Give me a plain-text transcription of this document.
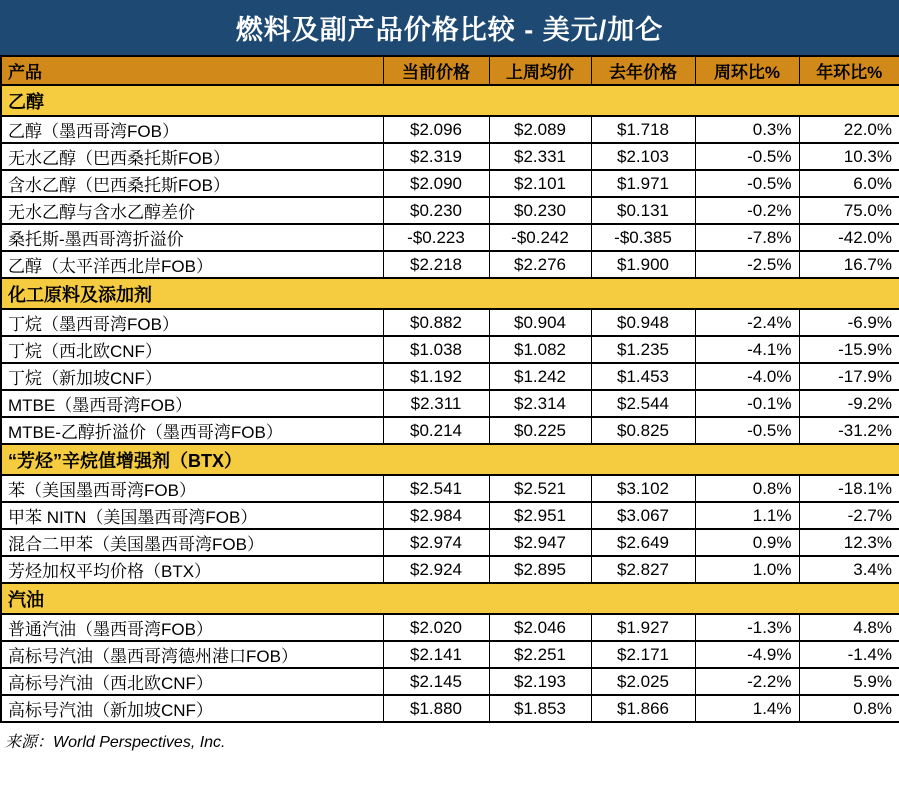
燃料及副产品价格比较 - 美元/加仑
产品	当前价格	上周均价	去年价格	周环比%	年环比%
乙醇					
乙醇（墨西哥湾FOB）	$2.096	$2.089	$1.718	0.3%	22.0%
无水乙醇（巴西桑托斯FOB）	$2.319	$2.331	$2.103	-0.5%	10.3%
含水乙醇（巴西桑托斯FOB）	$2.090	$2.101	$1.971	-0.5%	6.0%
无水乙醇与含水乙醇差价	$0.230	$0.230	$0.131	-0.2%	75.0%
桑托斯-墨西哥湾折溢价	-$0.223	-$0.242	-$0.385	-7.8%	-42.0%
乙醇（太平洋西北岸FOB）	$2.218	$2.276	$1.900	-2.5%	16.7%
化工原料及添加剂					
丁烷（墨西哥湾FOB）	$0.882	$0.904	$0.948	-2.4%	-6.9%
丁烷（西北欧CNF）	$1.038	$1.082	$1.235	-4.1%	-15.9%
丁烷（新加坡CNF）	$1.192	$1.242	$1.453	-4.0%	-17.9%
MTBE（墨西哥湾FOB）	$2.311	$2.314	$2.544	-0.1%	-9.2%
MTBE-乙醇折溢价（墨西哥湾FOB）	$0.214	$0.225	$0.825	-0.5%	-31.2%
“芳烃”辛烷值增强剂（BTX）					
苯（美国墨西哥湾FOB）	$2.541	$2.521	$3.102	0.8%	-18.1%
甲苯 NITN（美国墨西哥湾FOB）	$2.984	$2.951	$3.067	1.1%	-2.7%
混合二甲苯（美国墨西哥湾FOB）	$2.974	$2.947	$2.649	0.9%	12.3%
芳烃加权平均价格（BTX）	$2.924	$2.895	$2.827	1.0%	3.4%
汽油					
普通汽油（墨西哥湾FOB）	$2.020	$2.046	$1.927	-1.3%	4.8%
高标号汽油（墨西哥湾德州港口FOB）	$2.141	$2.251	$2.171	-4.9%	-1.4%
高标号汽油（西北欧CNF）	$2.145	$2.193	$2.025	-2.2%	5.9%
高标号汽油（新加坡CNF）	$1.880	$1.853	$1.866	1.4%	0.8%
来源：World Perspectives, Inc.
